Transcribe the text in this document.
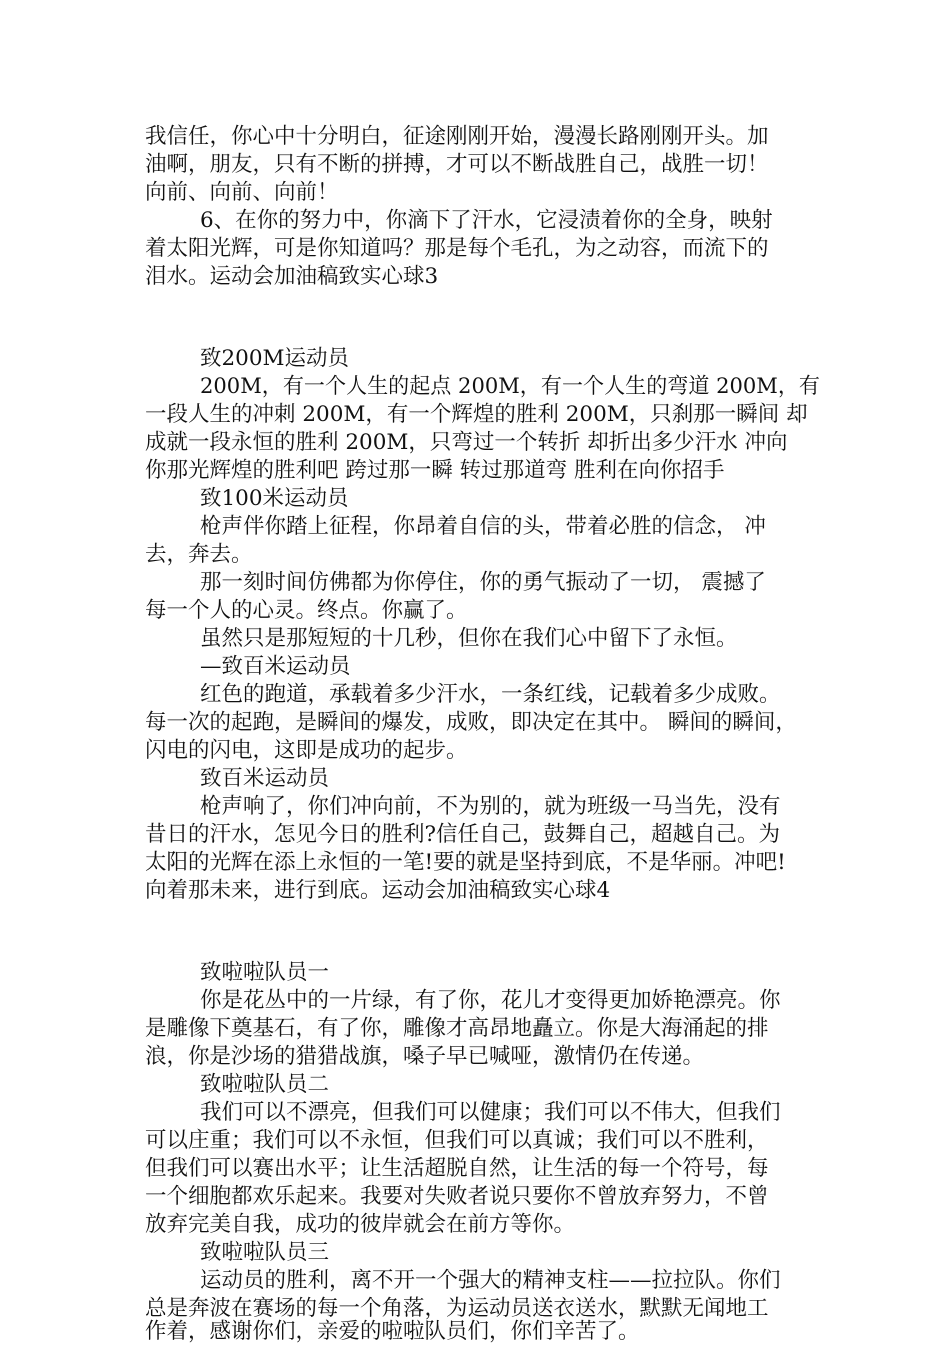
我信任，你心中十分明白，征途刚刚开始，漫漫长路刚刚开头。加
油啊，朋友，只有不断的拼搏，才可以不断战胜自己，战胜一切！
向前、向前、向前！
6、在你的努力中，你滴下了汗水，它浸渍着你的全身，映射
着太阳光辉，可是你知道吗？那是每个毛孔，为之动容，而流下的
泪水。运动会加油稿致实心球3
致200M运动员
200M，有一个人生的起点 200M，有一个人生的弯道 200M，有
一段人生的冲刺 200M，有一个辉煌的胜利 200M，只刹那一瞬间 却
成就一段永恒的胜利 200M，只弯过一个转折 却折出多少汗水 冲向
你那光辉煌的胜利吧 跨过那一瞬 转过那道弯 胜利在向你招手
致100米运动员
枪声伴你踏上征程，你昂着自信的头，带着必胜的信念， 冲
去，奔去。
那一刻时间仿佛都为你停住，你的勇气振动了一切， 震撼了
每一个人的心灵。终点。你赢了。
虽然只是那短短的十几秒，但你在我们心中留下了永恒。
—致百米运动员
红色的跑道，承载着多少汗水，一条红线，记载着多少成败。
每一次的起跑，是瞬间的爆发，成败，即决定在其中。 瞬间的瞬间，
闪电的闪电，这即是成功的起步。
致百米运动员
枪声响了，你们冲向前，不为别的，就为班级一马当先，没有
昔日的汗水，怎见今日的胜利?信任自己，鼓舞自己，超越自己。为
太阳的光辉在添上永恒的一笔!要的就是坚持到底，不是华丽。冲吧!
向着那未来，进行到底。运动会加油稿致实心球4
致啦啦队员一
你是花丛中的一片绿，有了你，花儿才变得更加娇艳漂亮。你
是雕像下奠基石，有了你，雕像才高昂地矗立。你是大海涌起的排
浪，你是沙场的猎猎战旗，嗓子早已喊哑，激情仍在传递。
致啦啦队员二
我们可以不漂亮，但我们可以健康；我们可以不伟大，但我们
可以庄重；我们可以不永恒，但我们可以真诚；我们可以不胜利，
但我们可以赛出水平；让生活超脱自然，让生活的每一个符号，每
一个细胞都欢乐起来。我要对失败者说只要你不曾放弃努力，不曾
放弃完美自我，成功的彼岸就会在前方等你。
致啦啦队员三
运动员的胜利，离不开一个强大的精神支柱——拉拉队。你们
总是奔波在赛场的每一个角落，为运动员送衣送水，默默无闻地工
作着，感谢你们，亲爱的啦啦队员们，你们辛苦了。
